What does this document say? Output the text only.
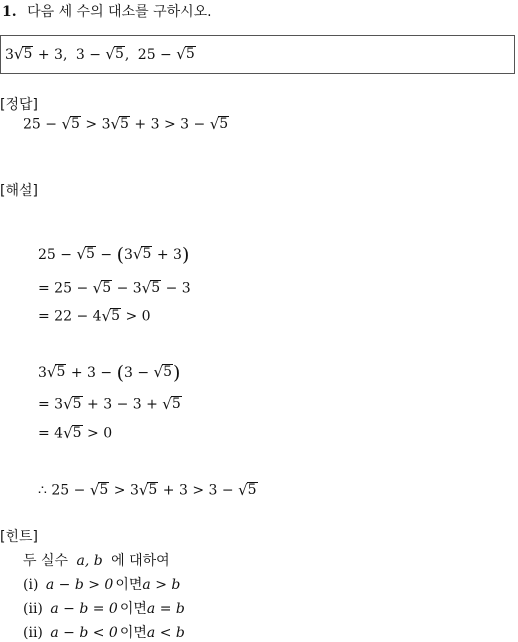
1. 다음 세 수의 대소를 구하시오.
3 √ 5 + 3, 3 − √ 5 , 25 − √ 5
[정답]
25 − √ 5 > 3 √ 5 + 3 > 3 − √ 5
[해설]
25 − √ 5 − (3 √ 5 + 3)
= 25 − √ 5 − 3 √ 5 − 3
= 22 − 4 √ 5 > 0
3 √ 5 + 3 − (3 − √ 5 )
= 3 √ 5 + 3 − 3 + √ 5
= 4 √ 5 > 0
∴ 25 − √ 5 > 3 √ 5 + 3 > 3 − √ 5
[힌트]
두 실수 a, b 에 대하여
(i) a − b > 0 이면a > b
(ii) a − b = 0 이면a = b
(ii) a − b < 0 이면a < b
